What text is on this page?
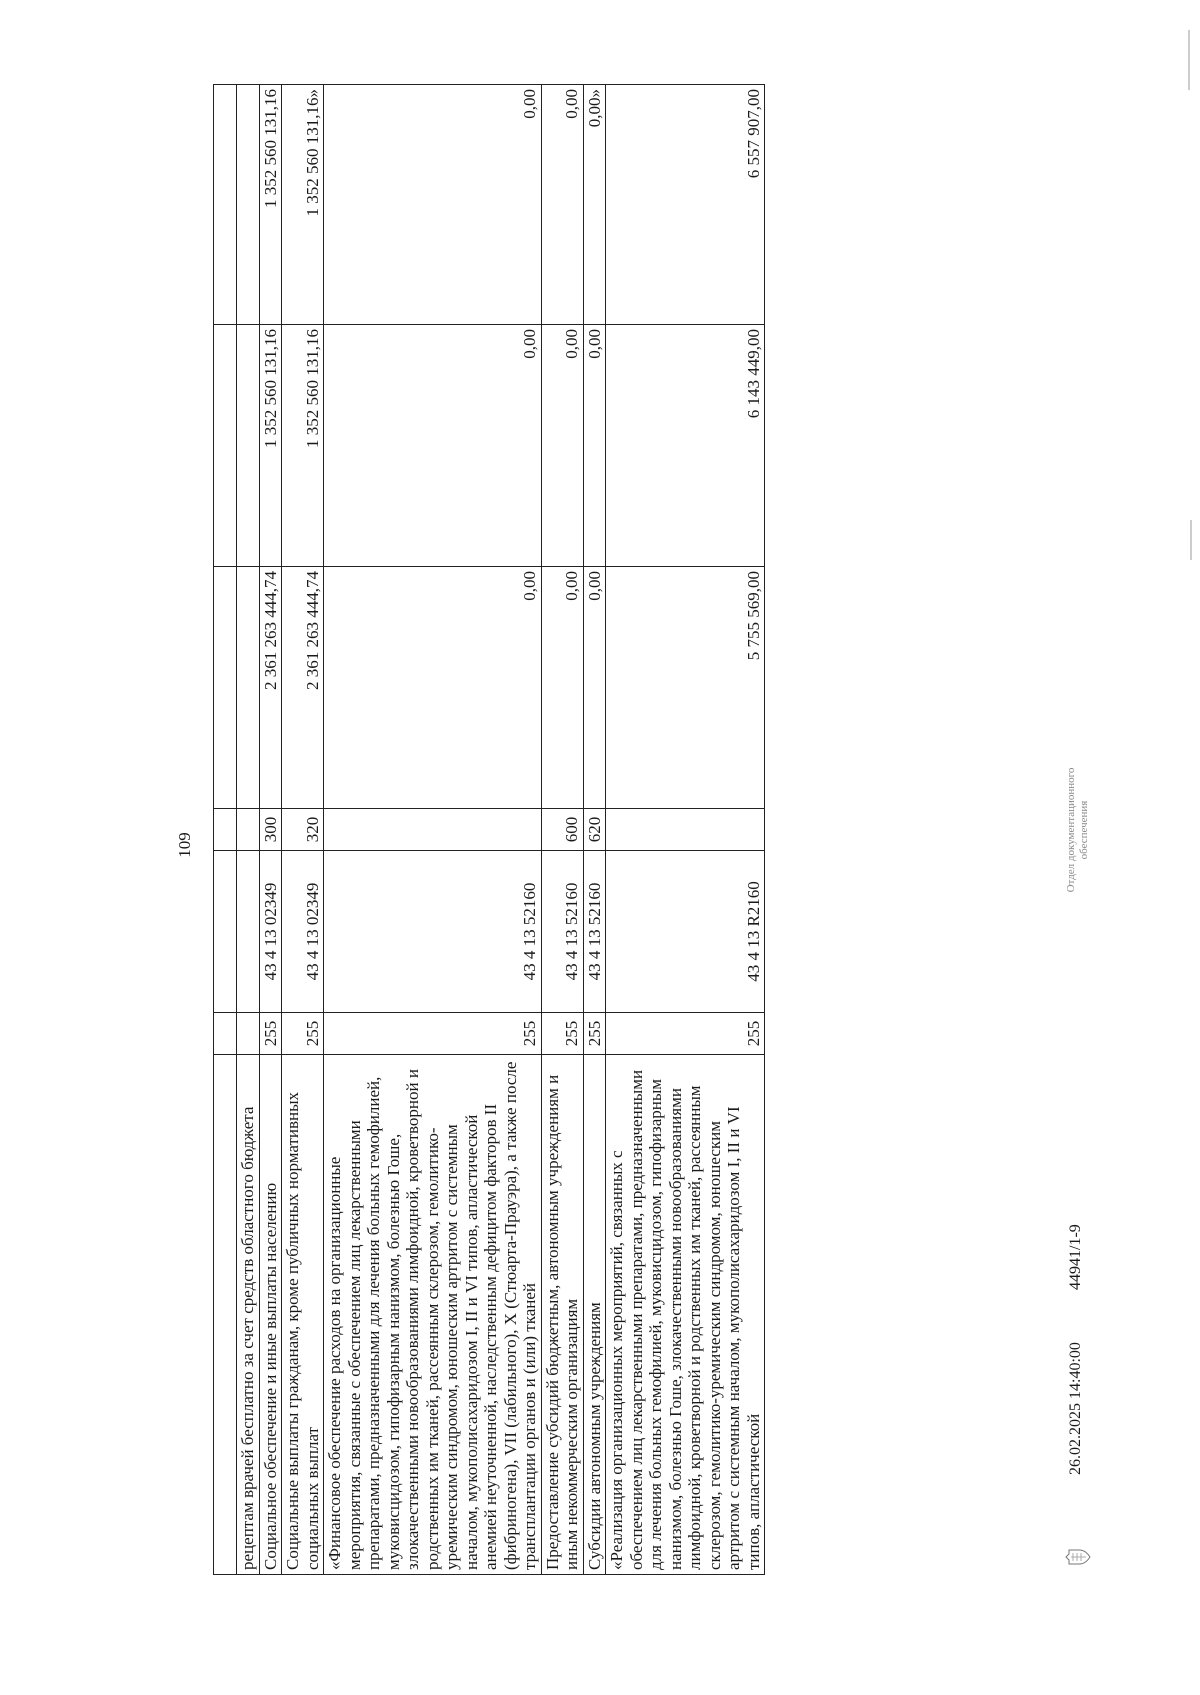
109

рецептам врачей бесплатно за счет средств областного бюджета						
Социальное обеспечение и иные выплаты населению	255	43 4 13 02349	300	2 361 263 444,74	1 352 560 131,16	1 352 560 131,16
Социальные выплаты гражданам, кроме публичных нормативных социальных выплат	255	43 4 13 02349	320	2 361 263 444,74	1 352 560 131,16	1 352 560 131,16»
«Финансовое обеспечение расходов на организационные мероприятия, связанные с обеспечением лиц лекарственными препаратами, предназначенными для лечения больных гемофилией, муковисцидозом, гипофизарным нанизмом, болезнью Гоше, злокачественными новообразованиями лимфоидной, кроветворной и родственных им тканей, рассеянным склерозом, гемолитико-уремическим синдромом, юношеским артритом с системным началом, мукополисахаридозом I, II и VI типов, апластической анемией неуточненной, наследственным дефицитом факторов II (фибриногена), VII (лабильного), X (Стюарта-Прауэра), а также после трансплантации органов и (или) тканей	255	43 4 13 52160		0,00	0,00	0,00
Предоставление субсидий бюджетным, автономным учреждениям и иным некоммерческим организациям	255	43 4 13 52160	600	0,00	0,00	0,00
Субсидии автономным учреждениям	255	43 4 13 52160	620	0,00	0,00	0,00»
«Реализация организационных мероприятий, связанных с обеспечением лиц лекарственными препаратами, предназначенными для лечения больных гемофилией, муковисцидозом, гипофизарным нанизмом, болезнью Гоше, злокачественными новообразованиями лимфоидной, кроветворной и родственных им тканей, рассеянным склерозом, гемолитико-уремическим синдромом, юношеским артритом с системным началом, мукополисахаридозом I, II и VI типов, апластической	255	43 4 13 R2160		5 755 569,00	6 143 449,00	6 557 907,00
26.02.2025 14:40:00
44941/1-9
Отдел документационного обеспечения
